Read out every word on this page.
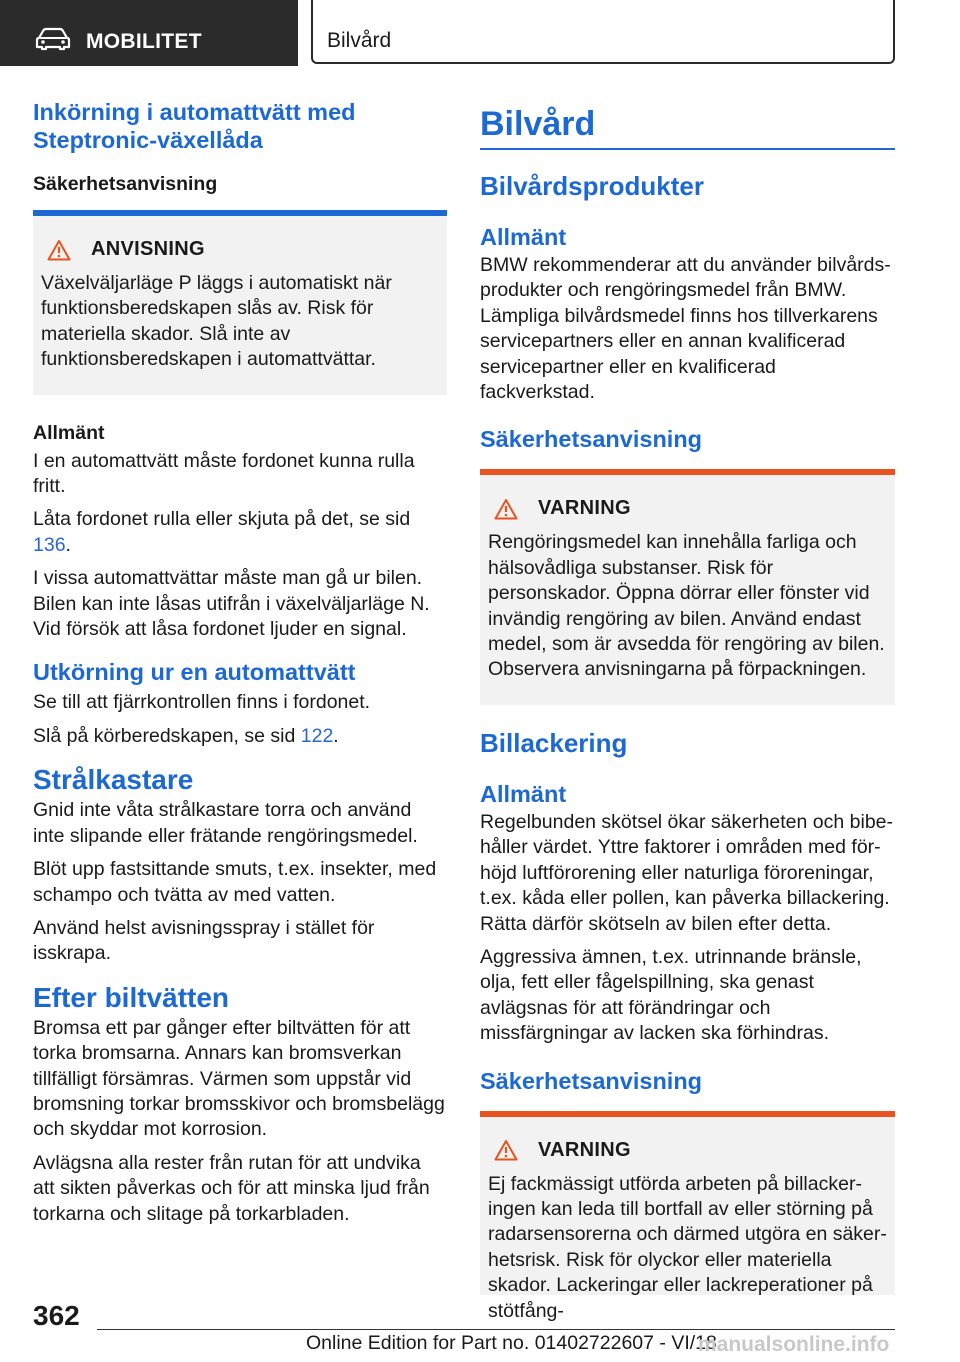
MOBILITET	Bilvård
Inkörning i automattvätt med Steptronic-växellåda

Säkerhetsanvisning

ANVISNING

Växelväljarläge P läggs i automatiskt när funktionsberedskapen slås av. Risk för materiella skador. Slå inte av funktionsberedskapen i automattvättar.

Allmänt

I en automattvätt måste fordonet kunna rulla fritt.

Låta fordonet rulla eller skjuta på det, se sid 136.

I vissa automattvättar måste man gå ur bilen. Bilen kan inte låsas utifrån i växelväljarläge N. Vid försök att låsa fordonet ljuder en signal.

Utkörning ur en automattvätt

Se till att fjärrkontrollen finns i fordonet.

Slå på körberedskapen, se sid 122.

Strålkastare

Gnid inte våta strålkastare torra och använd inte slipande eller frätande rengöringsmedel.

Blöt upp fastsittande smuts, t.ex. insekter, med schampo och tvätta av med vatten.

Använd helst avisningsspray i stället för isskrapa.

Efter biltvätten

Bromsa ett par gånger efter biltvätten för att torka bromsarna. Annars kan bromsverkan tillfälligt försämras. Värmen som uppstår vid bromsning torkar bromsskivor och bromsbelägg och skyddar mot korrosion.

Avlägsna alla rester från rutan för att undvika att sikten påverkas och för att minska ljud från torkarna och slitage på torkarbladen.

Bilvård
Bilvårdsprodukter
Allmänt

BMW rekommenderar att du använder bilvårdsprodukter och rengöringsmedel från BMW. Lämpliga bilvårdsmedel finns hos tillverkarens servicepartners eller en annan kvalificerad servicepartner eller en kvalificerad fackverkstad.

Säkerhetsanvisning
VARNING

Rengöringsmedel kan innehålla farliga och hälsovådliga substanser. Risk för personskador. Öppna dörrar eller fönster vid invändig rengöring av bilen. Använd endast medel, som är avsedda för rengöring av bilen. Observera anvisningarna på förpackningen.

Billackering
Allmänt

Regelbunden skötsel ökar säkerheten och bibehåller värdet. Yttre faktorer i områden med förhöjd luftförorening eller naturliga föroreningar, t.ex. kåda eller pollen, kan påverka billackering. Rätta därför skötseln av bilen efter detta.

Aggressiva ämnen, t.ex. utrinnande bränsle, olja, fett eller fågelspillning, ska genast avlägsnas för att förändringar och missfärgningar av lacken ska förhindras.

Säkerhetsanvisning
VARNING

Ej fackmässigt utförda arbeten på billackeringen kan leda till bortfall av eller störning på radarsensorerna och därmed utgöra en säkerhetsrisk. Risk för olyckor eller materiella skador. Lackeringar eller lackreperationer på stötfång-

362
Online Edition for Part no. 01402722607 - VI/18
manualsonline.info
